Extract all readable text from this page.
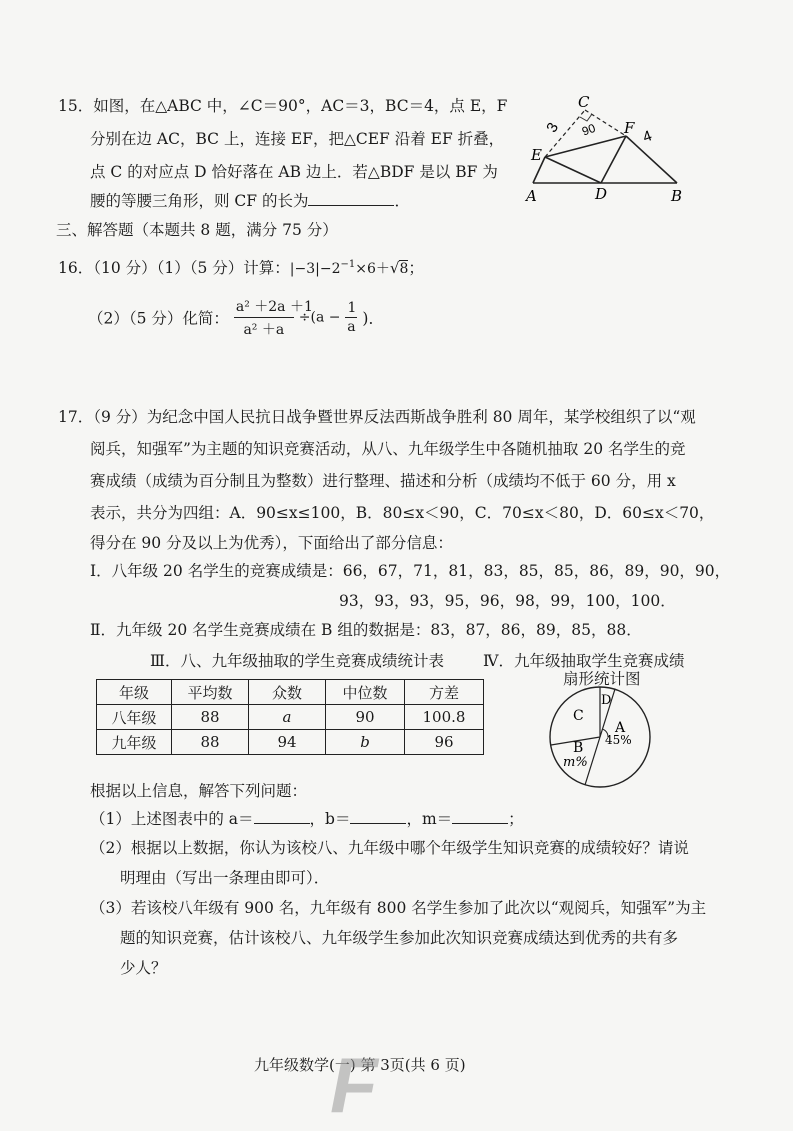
15．如图，在△ABC 中，∠C＝90°，AC＝3，BC＝4，点 E，F
分别在边 AC，BC 上，连接 EF，把△CEF 沿着 EF 折叠，
点 C 的对应点 D 恰好落在 AB 边上．若△BDF 是以 BF 为
腰的等腰三角形，则 CF 的长为	．
C
E
F
A	D	B
3 90	4
三、解答题（本题共 8 题，满分 75 分）
16．（10 分）（1）（5 分）计算：$|-3|-2^{-1}\times 6+√8$；
（2）（5 分）化简： $\frac{\text{a² ＋2a ＋1}}{\text{a² ＋a}} \div(a - \frac{1}{a}$ )．
17．（9 分）为纪念中国人民抗日战争暨世界反法西斯战争胜利 80 周年，某学校组织了以“观
阅兵，知强军”为主题的知识竞赛活动，从八、九年级学生中各随机抽取 20 名学生的竞
赛成绩（成绩为百分制且为整数）进行整理、描述和分析（成绩均不低于 60 分，用 x
表示，共分为四组：A．90≤x≤100，B．80≤x＜90，C．70≤x＜80，D．60≤x＜70，
得分在 90 分及以上为优秀），下面给出了部分信息：
Ⅰ．八年级 20 名学生的竞赛成绩是：66，67，71，81，83，85，85，86，89，90，90，
93，93，93，95，96，98，99，100，100．
Ⅱ．九年级 20 名学生竞赛成绩在 B 组的数据是：83，87，86，89，85，88．
Ⅲ．八、九年级抽取的学生竞赛成绩统计表	Ⅳ．九年级抽取学生竞赛成绩
扇形统计图
年级	平均数	众数	中位数	方差
八年级	88	a	90	100.8
九年级	88	94	b	96
D
C
A
45%
B
m%
根据以上信息，解答下列问题：
（1）上述图表中的 a＝	，b＝	，m＝	；
（2）根据以上数据，你认为该校八、九年级中哪个年级学生知识竞赛的成绩较好？请说
明理由（写出一条理由即可）．
（3）若该校八年级有 900 名，九年级有 800 名学生参加了此次以“观阅兵，知强军”为主
题的知识竞赛，估计该校八、九年级学生参加此次知识竞赛成绩达到优秀的共有多
少人？
九年级数学(一) 第 3页(共 6 页)
F
